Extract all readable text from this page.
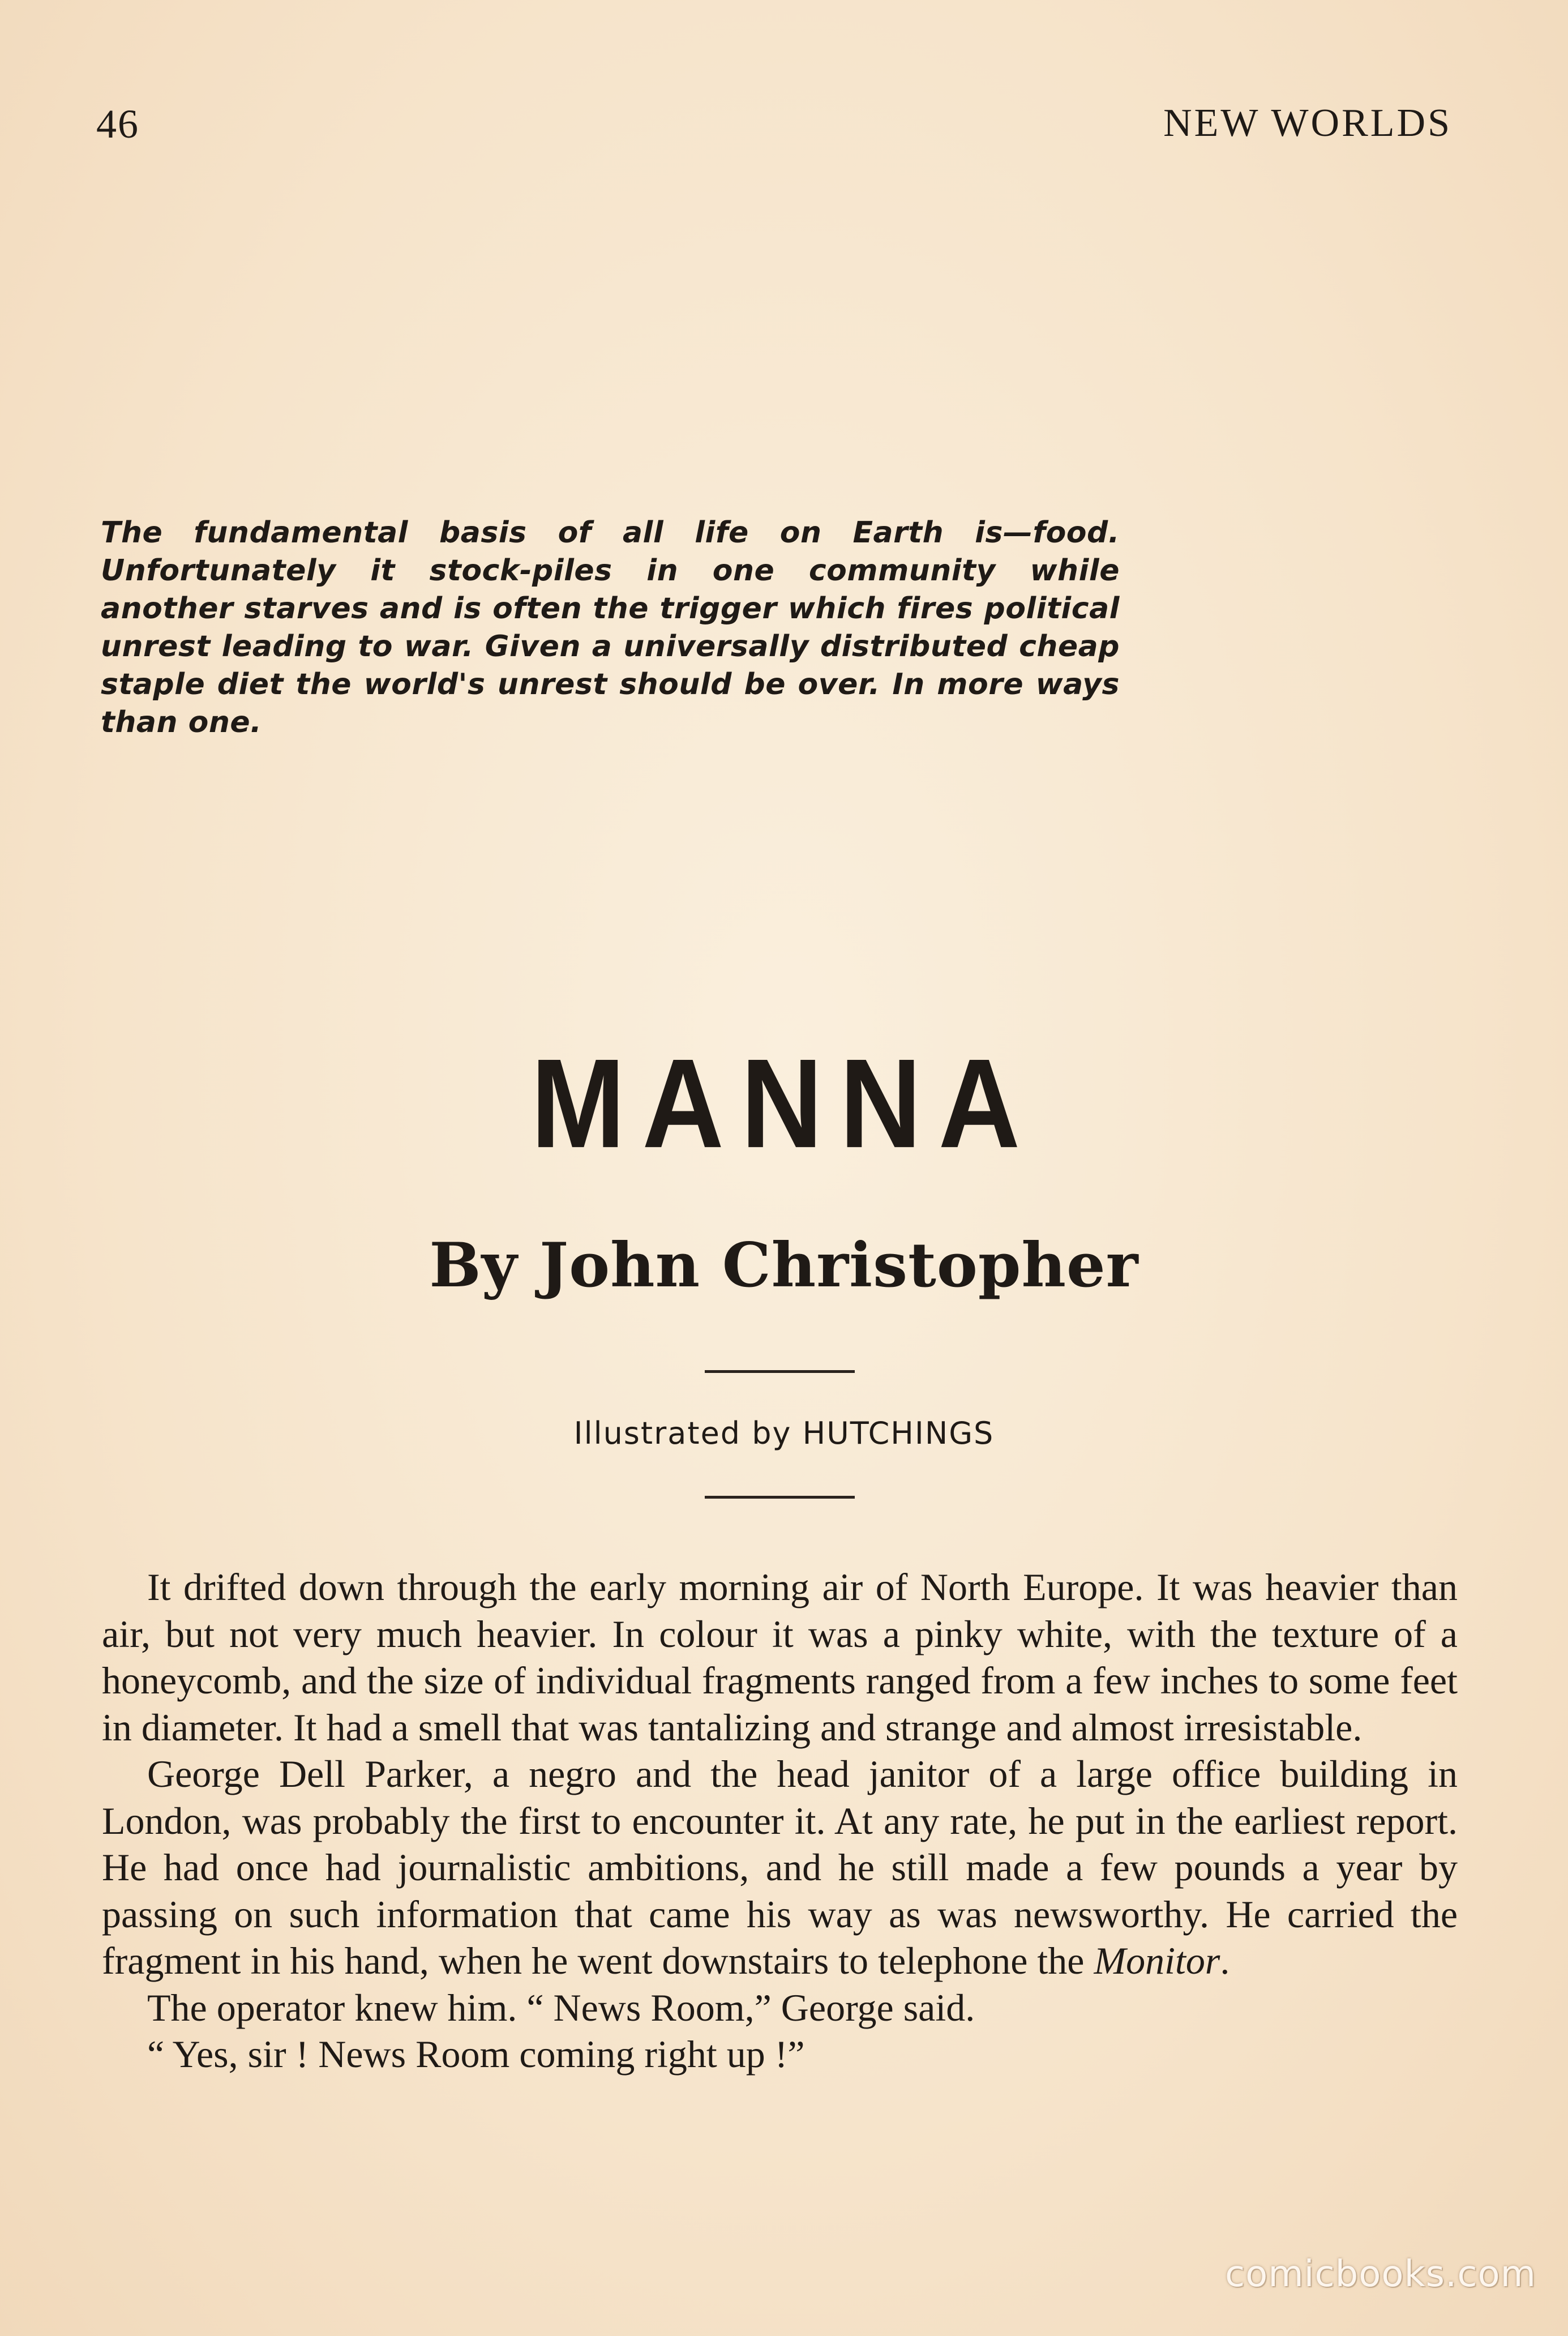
46	NEW WORLDS
The fundamental basis of all life on Earth is—food. Unfortunately it stock-piles in one community while another starves and is often the trigger which fires political unrest leading to war. Given a universally distributed cheap staple diet the world's unrest should be over. In more ways than one.
MANNA
By John Christopher
Illustrated by HUTCHINGS

It drifted down through the early morning air of North Europe. It was heavier than air, but not very much heavier. In colour it was a pinky white, with the texture of a honeycomb, and the size of individual fragments ranged from a few inches to some feet in diameter. It had a smell that was tantalizing and strange and almost irresistable.

George Dell Parker, a negro and the head janitor of a large office building in London, was probably the first to encounter it. At any rate, he put in the earliest report. He had once had journalistic ambitions, and he still made a few pounds a year by passing on such information that came his way as was newsworthy. He carried the fragment in his hand, when he went downstairs to telephone the Monitor.

The operator knew him. “ News Room,” George said.

“ Yes, sir ! News Room coming right up !”

comicbooks.com
